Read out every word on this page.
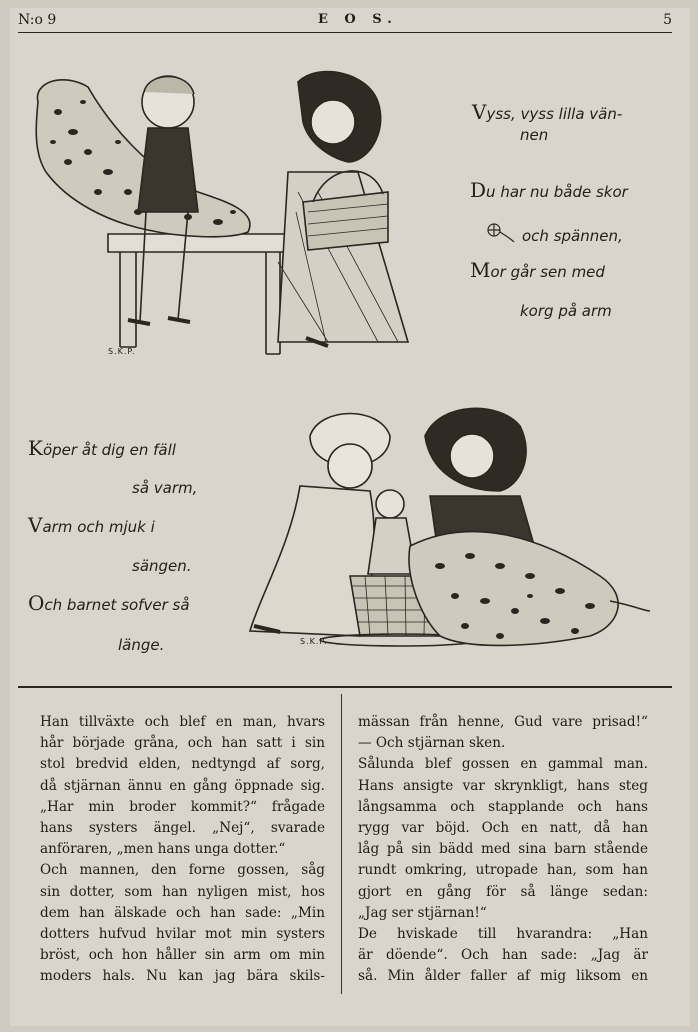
N:o 9	E O S.	5
S.K.P.
Vyss, vyss lilla vän-
nen
Du har nu både skor
och spännen,
Mor går sen med
korg på arm
Köper åt dig en fäll
så varm,
Varm och mjuk i
sängen.
Och barnet sofver så
länge.	S.K.P.
Han tillväxte och blef en man, hvars
hår började gråna, och han satt i sin
stol bredvid elden, nedtyngd af sorg,
då stjärnan ännu en gång öppnade sig.
„Har min broder kommit?“ frågade
hans systers ängel. „Nej“, svarade
anföraren, „men hans unga dotter.“
Och mannen, den forne gossen, såg
sin dotter, som han nyligen mist, hos
dem han älskade och han sade: „Min
dotters hufvud hvilar mot min systers
bröst, och hon håller sin arm om min
moders hals. Nu kan jag bära skils-
mässan från henne, Gud vare prisad!“
— Och stjärnan sken.
Sålunda blef gossen en gammal man.
Hans ansigte var skrynkligt, hans steg
långsamma och stapplande och hans
rygg var böjd. Och en natt, då han
låg på sin bädd med sina barn stående
rundt omkring, utropade han, som han
gjort en gång för så länge sedan:
„Jag ser stjärnan!“
De hviskade till hvarandra: „Han
är döende“. Och han sade: „Jag är
så. Min ålder faller af mig liksom en
